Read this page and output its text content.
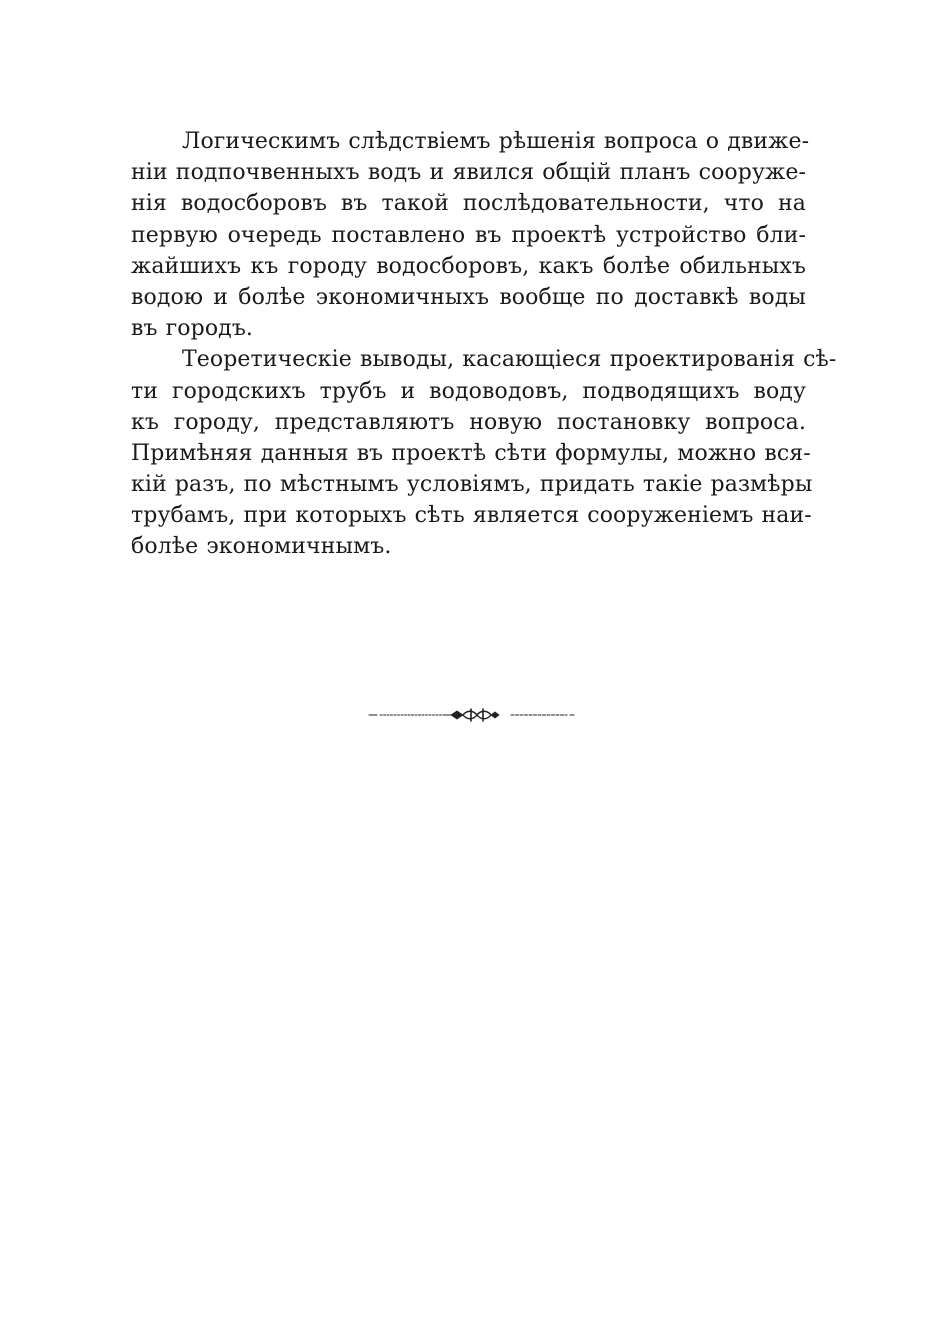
Логическимъ слѣдствіемъ рѣшенія вопроса о движе-
ніи подпочвенныхъ водъ и явился общій планъ сооруже-
нія водосборовъ въ такой послѣдовательности, что на
первую очередь поставлено въ проектѣ устройство бли-
жайшихъ къ городу водосборовъ, какъ болѣе обильныхъ
водою и болѣе экономичныхъ вообще по доставкѣ воды
въ городъ.
Теоретическіе выводы, касающіеся проектированія сѣ-
ти городскихъ трубъ и водоводовъ, подводящихъ воду
къ городу, представляютъ новую постановку вопроса.
Примѣняя данныя въ проектѣ сѣти формулы, можно вся-
кій разъ, по мѣстнымъ условіямъ, придать такіе размѣры
трубамъ, при которыхъ сѣть является сооруженіемъ наи-
болѣе экономичнымъ.
